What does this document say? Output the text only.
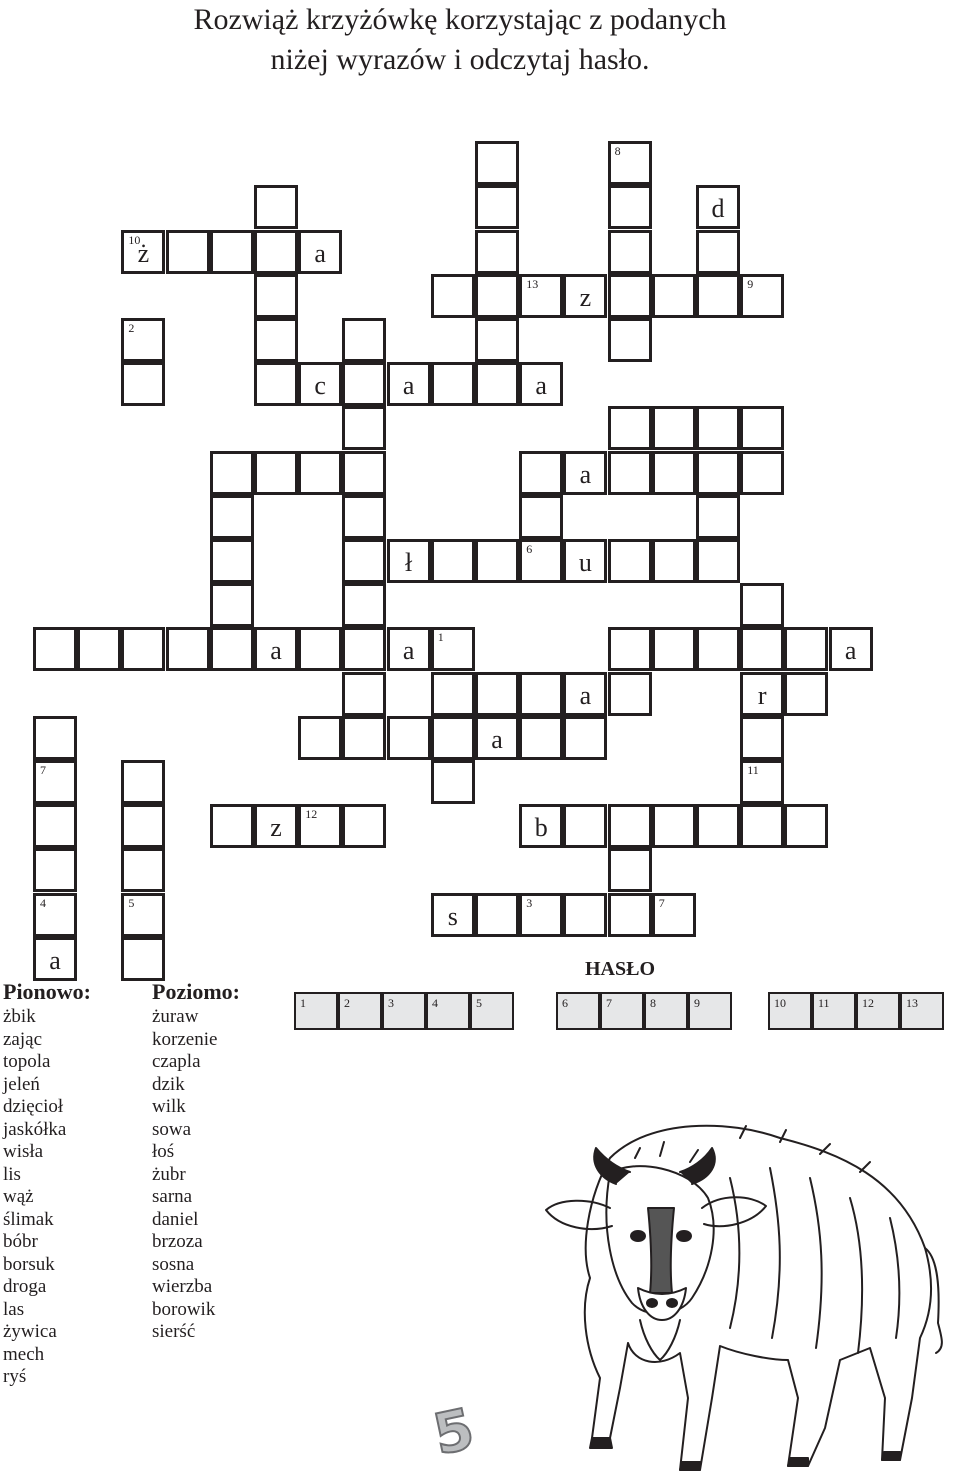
Rozwiąż krzyżówkę korzystając z podanych
niżej wyrazów i odczytaj hasło.
8
d
10
ż	a
13	z	9
2
c	a	a
a
ł	6	u
a	a	1	a
a	r
a
7	11
z	12	b
4	5	s	3	7
a
Pionowo:
żbik
zając
topola
jeleń
dzięcioł
jaskółka
wisła
lis
wąż
ślimak
bóbr
borsuk
droga
las
żywica
mech
ryś
Poziomo:
żuraw
korzenie
czapla
dzik
wilk
sowa
łoś
żubr
sarna
daniel
brzoza
sosna
wierzba
borowik
sierść

HASŁO

1	2	3	4	5	6	7	8	9	10	11	12	13
5
